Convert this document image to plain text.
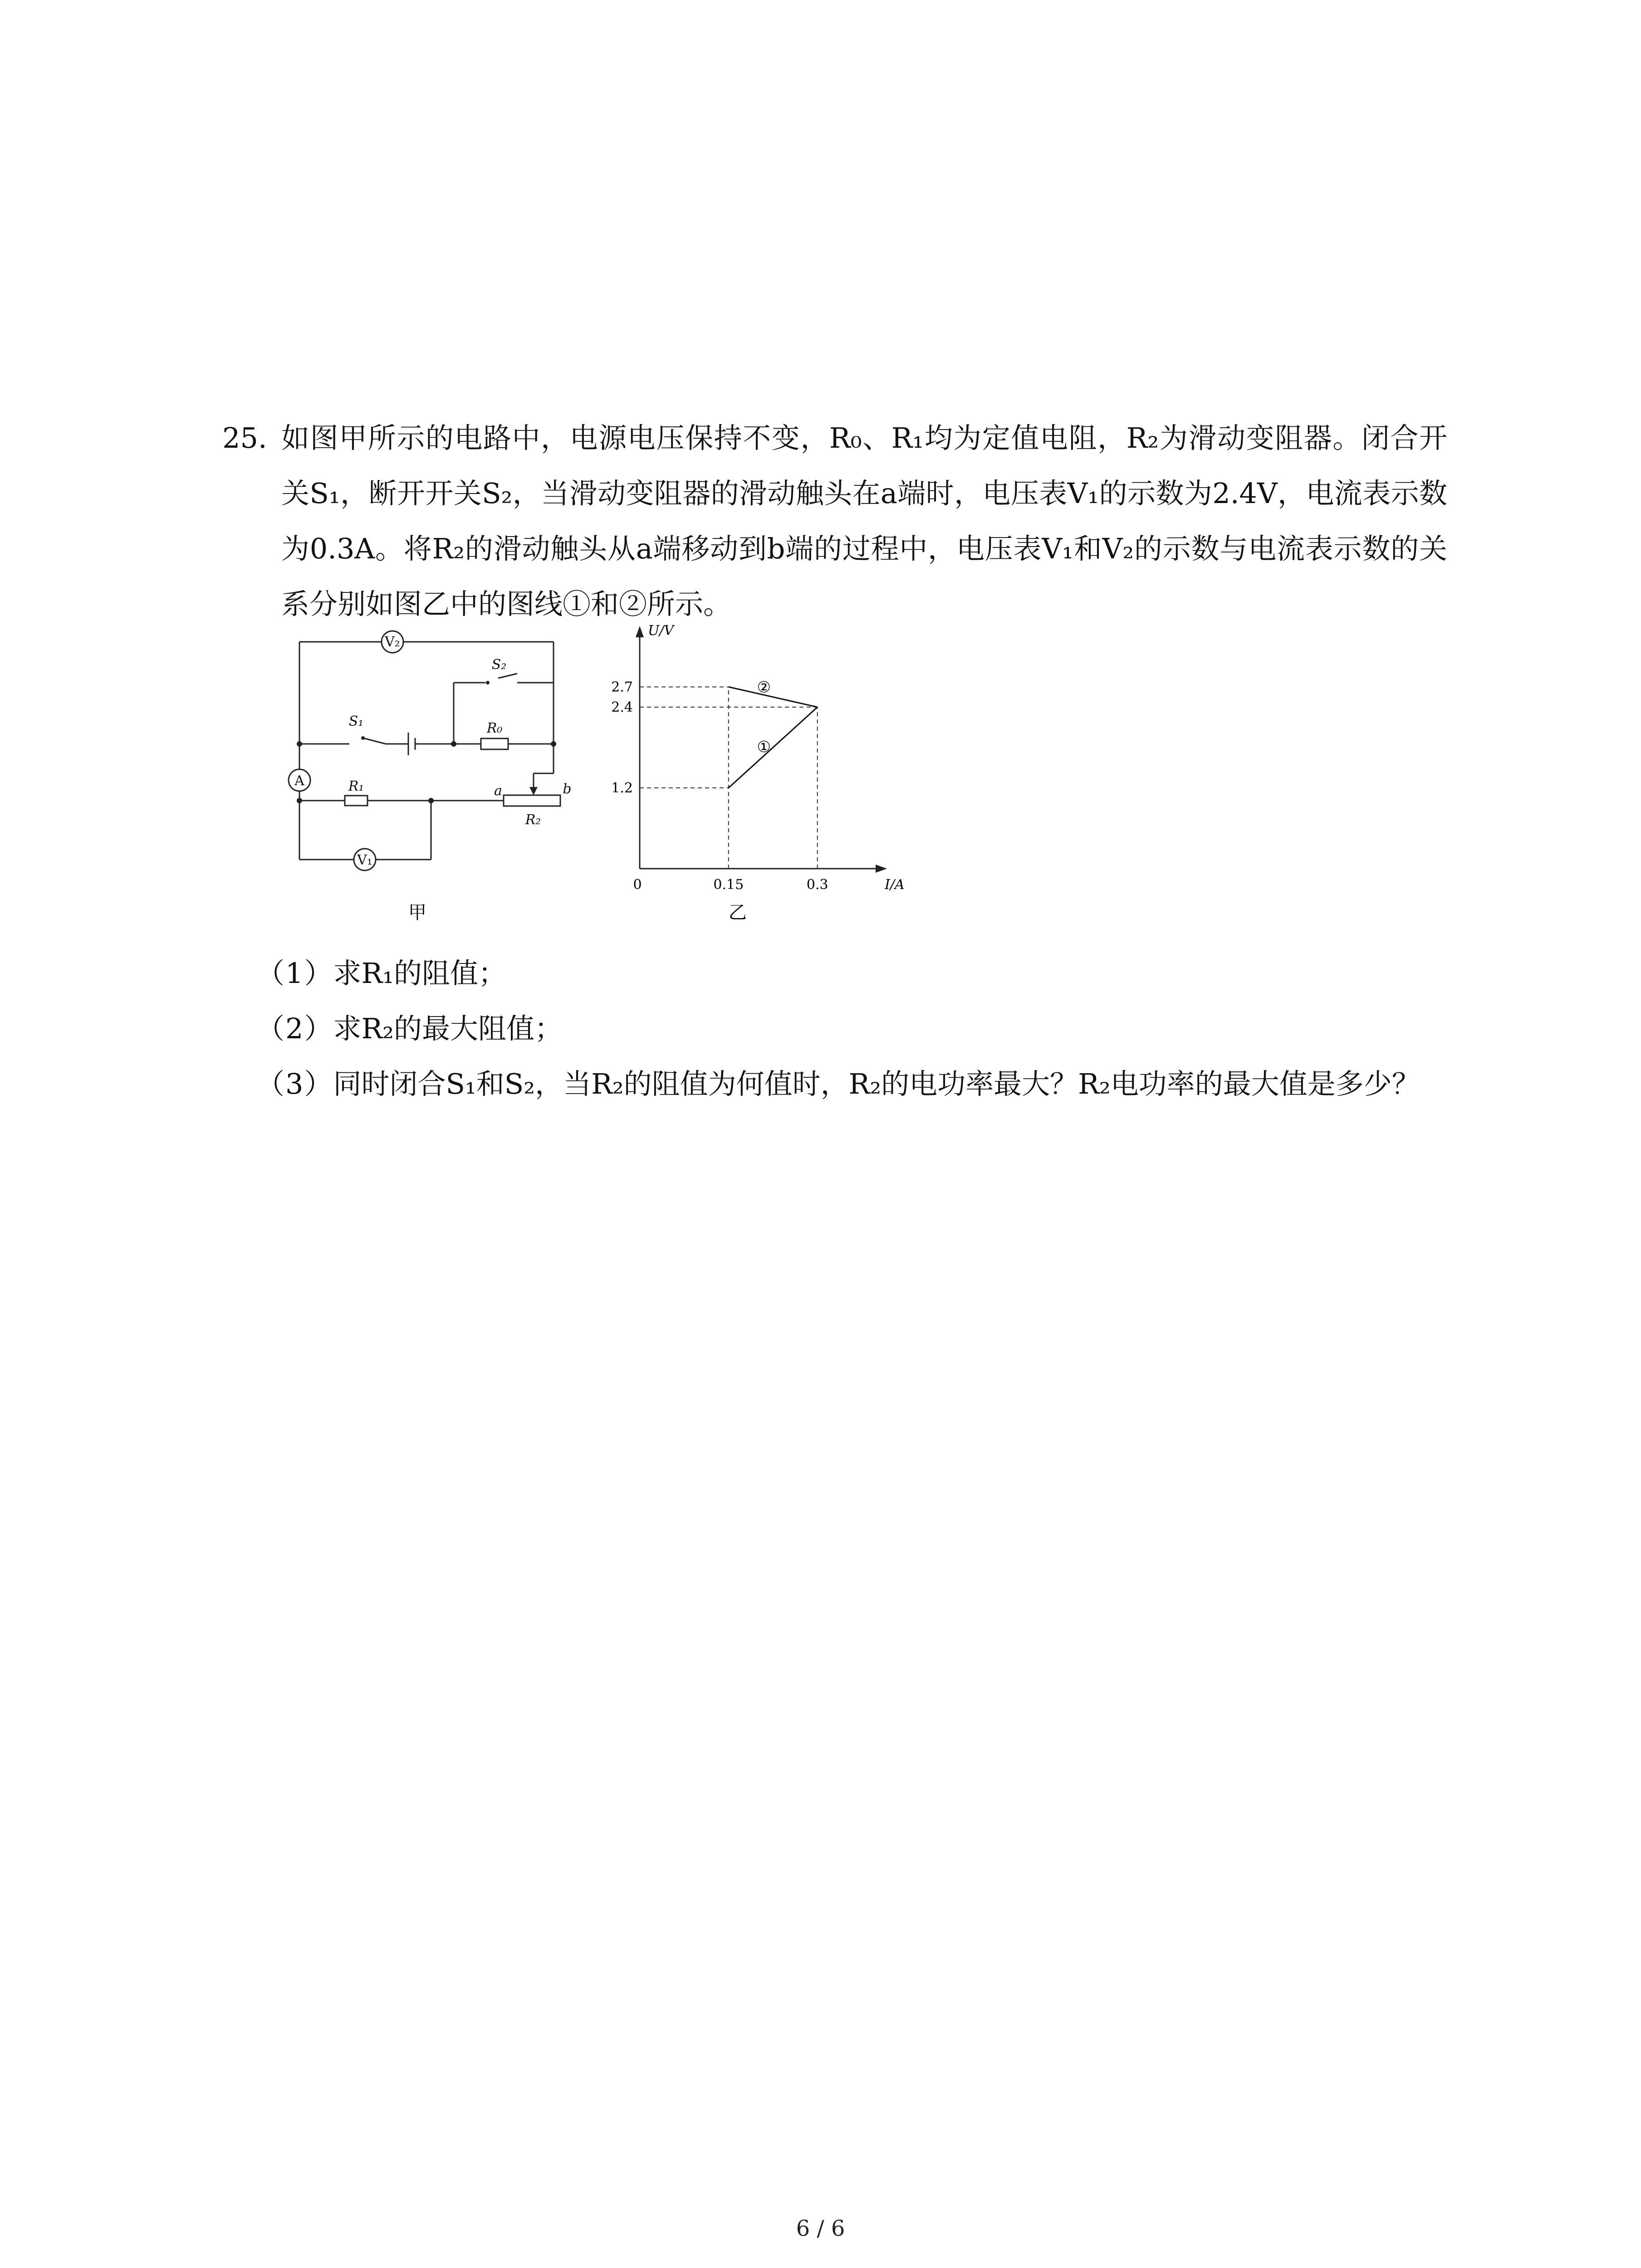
25. 如图甲所示的电路中，电源电压保持不变，R₀、R₁均为定值电阻，R₂为滑动变阻器。闭合开关S₁，断开开关S₂，当滑动变阻器的滑动触头在a端时，电压表V₁的示数为2.4V，电流表示数为0.3A。将R₂的滑动触头从a端移动到b端的过程中，电压表V₁和V₂的示数与电流表示数的关系分别如图乙中的图线①和②所示。

V₂
A
V₁
S₁
S₂
R₀
R₁
R₂
a	b
甲
U/V
I/A
0	0.15	0.3
1.2
2.4
2.7
①
②
乙

（1）求R₁的阻值；

（2）求R₂的最大阻值；

（3）同时闭合S₁和S₂，当R₂的阻值为何值时，R₂的电功率最大？R₂电功率的最大值是多少？

6 / 6
